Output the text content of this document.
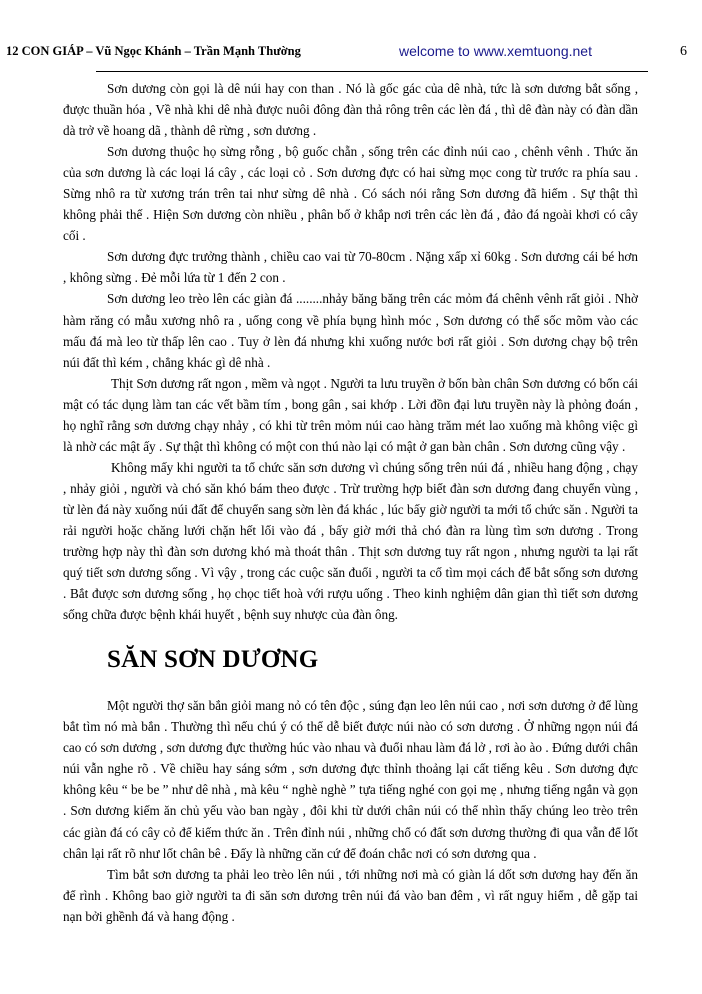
12 CON GIÁP – Vũ Ngọc Khánh – Trần Mạnh Thường	welcome to www.xemtuong.net	6

Sơn dương còn gọi là dê núi hay con than . Nó là gốc gác của dê nhà, tức là sơn dương bắt sống , được thuần hóa , Về nhà khi dê nhà được nuôi đông đàn thả rông trên các lèn đá , thì dê đàn này có đàn dần dà trở về hoang dã , thành dê rừng , sơn dương .

Sơn dương thuộc họ sừng rỗng , bộ guốc chẵn , sống trên các đỉnh núi cao , chênh vênh . Thức ăn của sơn dương là các loại lá cây , các loại cỏ . Sơn dương đực có hai sừng mọc cong từ trước ra phía sau . Sừng nhô ra từ xương trán trên tai như sừng dê nhà . Có sách nói rằng Sơn dương đã hiếm . Sự thật thì không phải thế . Hiện Sơn dương còn nhiều , phân bố ở khắp nơi trên các lèn đá , đảo đá ngoài khơi có cây cối .

Sơn dương đực trưởng thành , chiều cao vai từ 70-80cm . Nặng xấp xỉ 60kg . Sơn dương cái bé hơn , không sừng . Đẻ mỗi lứa từ 1 đến 2 con .

Sơn dương leo trèo lên các giàn đá ........nhảy băng băng trên các mỏm đá chênh vênh rất giỏi . Nhờ hàm răng có mẫu xương nhô ra , uống cong về phía bụng hình móc , Sơn dương có thể sốc mõm vào các mấu đá mà leo từ thấp lên cao . Tuy ở lèn đá nhưng khi xuống nước bơi rất giỏi . Sơn dương chạy bộ trên núi đất thì kém , chẳng khác gì dê nhà .

Thịt Sơn dương rất ngon , mềm và ngọt . Người ta lưu truyền ở bốn bàn chân Sơn dương có bốn cái mật có tác dụng làm tan các vết bầm tím , bong gân , sai khớp . Lời đồn đại lưu truyền này là phỏng đoán , họ nghĩ rằng sơn dương chạy nhảy , có khi từ trên mỏm núi cao hàng trăm mét lao xuống mà không việc gì là nhờ các mật ấy . Sự thật thì không có một con thú nào lại có mật ở gan bàn chân . Sơn dương cũng vậy .

Không mấy khi người ta tổ chức săn sơn dương vì chúng sống trên núi đá , nhiều hang động , chạy , nhảy giỏi , người và chó săn khó bám theo được . Trừ trường hợp biết đàn sơn dương đang chuyển vùng , từ lèn đá này xuống núi đất để chuyển sang sờn lèn đá khác , lúc bấy giờ người ta mới tổ chức săn . Người ta rải người hoặc chăng lưới chặn hết lối vào đá , bấy giờ mới thả chó đàn ra lùng tìm sơn dương . Trong trường hợp này thì đàn sơn dương khó mà thoát thân . Thịt sơn dương tuy rất ngon , nhưng người ta lại rất quý tiết sơn dương sống . Vì vậy , trong các cuộc săn đuổi , người ta cố tìm mọi cách để bắt sống sơn dương . Bắt được sơn dương sống , họ chọc tiết hoà với rượu uống . Theo kinh nghiệm dân gian thì tiết sơn dương sống chữa được bệnh khái huyết , bệnh suy nhược của đàn ông.

SĂN SƠN DƯƠNG

Một người thợ săn bắn giỏi mang nỏ có tên độc , súng đạn leo lên núi cao , nơi sơn dương ở để lùng bắt tìm nó mà bắn . Thường thì nếu chú ý có thể dễ biết được núi nào có sơn dương . Ở những ngọn núi đá cao có sơn dương , sơn dương đực thường húc vào nhau và đuổi nhau làm đá lở , rơi ào ào . Đứng dưới chân núi vẫn nghe rõ . Về chiều hay sáng sớm , sơn dương đực thỉnh thoảng lại cất tiếng kêu . Sơn dương đực không kêu “ be be ” như dê nhà , mà kêu “ nghè nghè ” tựa tiếng nghé con gọi mẹ , nhưng tiếng ngắn và gọn . Sơn dương kiếm ăn chủ yếu vào ban ngày , đôi khi từ dưới chân núi có thể nhìn thấy chúng leo trèo trên các giàn đá có cây cỏ để kiếm thức ăn . Trên đỉnh núi , những chổ có đất sơn dương thường đi qua vẫn để lốt chân lại rất rõ như lốt chân bê . Đấy là những căn cứ để đoán chắc nơi có sơn dương qua .

Tìm bắt sơn dương ta phải leo trèo lên núi , tới những nơi mà có giàn lá dốt sơn dương hay đến ăn để rình . Không bao giờ người ta đi săn sơn dương trên núi đá vào ban đêm , vì rất nguy hiểm , dễ gặp tai nạn bởi ghềnh đá và hang động .
